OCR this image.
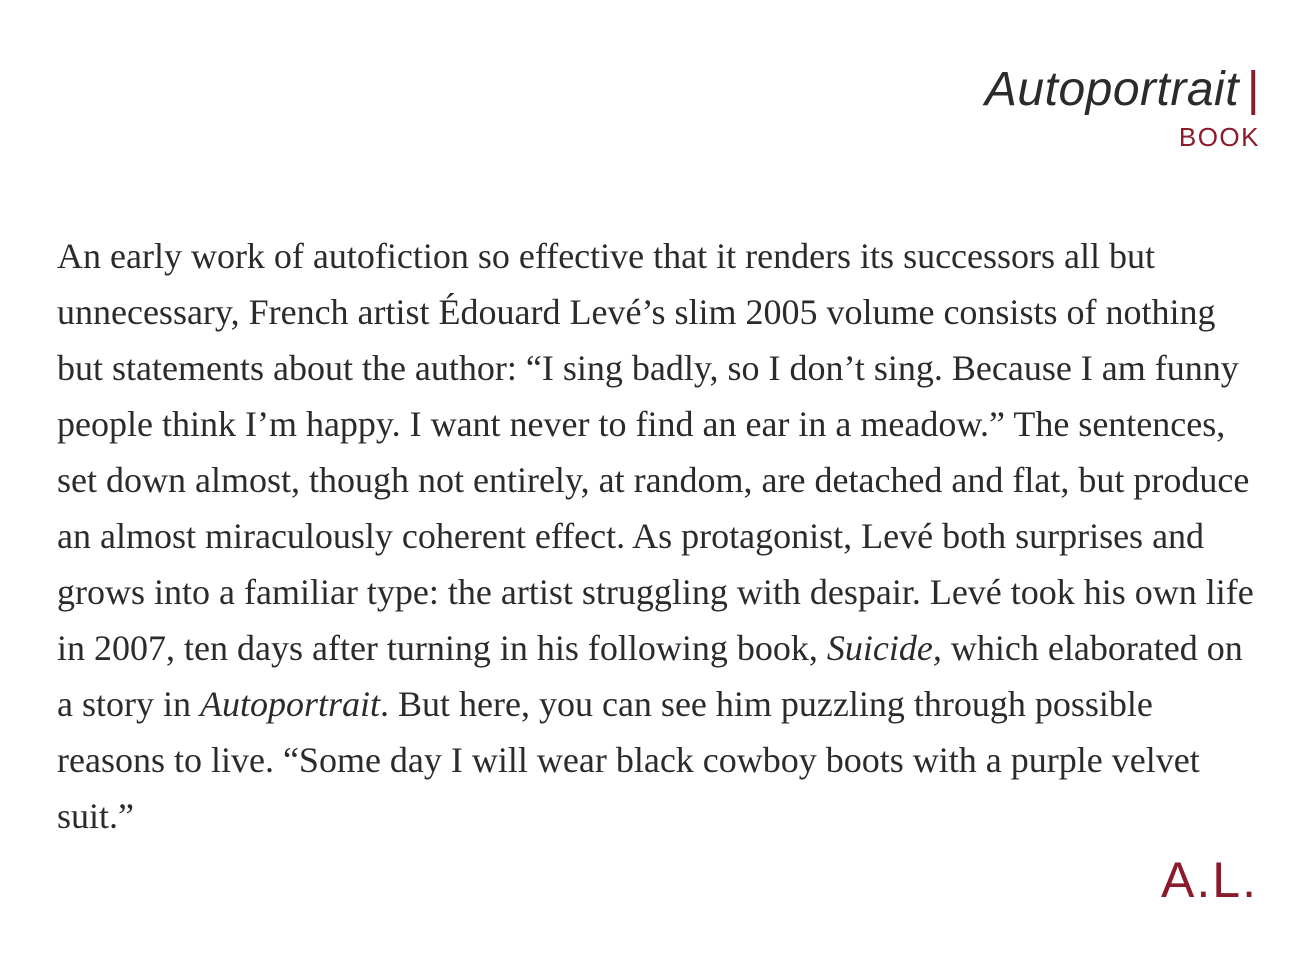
Autoportrait |
BOOK

An early work of autofiction so effective that it renders its successors all but unnecessary, French artist Édouard Levé’s slim 2005 volume consists of nothing but statements about the author: “I sing badly, so I don’t sing. Because I am funny people think I’m happy. I want never to find an ear in a meadow.” The sentences, set down almost, though not entirely, at random, are detached and flat, but produce an almost miraculously coherent effect. As protagonist, Levé both surprises and grows into a familiar type: the artist struggling with despair. Levé took his own life in 2007, ten days after turning in his following book, Suicide, which elaborated on a story in Autoportrait. But here, you can see him puzzling through possible reasons to live. “Some day I will wear black cowboy boots with a purple velvet suit.”

A.L.
